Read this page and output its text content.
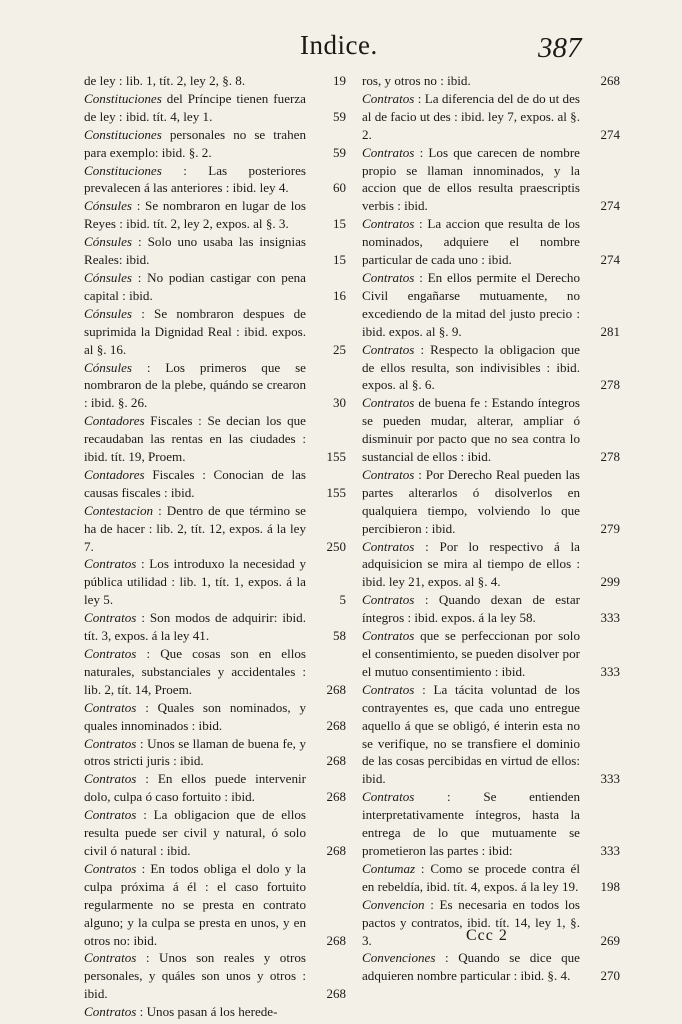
Indice.	387
de ley : lib. 1, tít. 2, ley 2, §. 8.	19
Constituciones del Príncipe tienen fuerza de ley : ibid. tít. 4, ley 1.	59
Constituciones personales no se trahen para exemplo: ibid. §. 2.	59
Constituciones : Las posteriores prevalecen á las anteriores : ibid. ley 4.	60
Cónsules : Se nombraron en lugar de los Reyes : ibid. tít. 2, ley 2, expos. al §. 3.	15
Cónsules : Solo uno usaba las insignias Reales: ibid.	15
Cónsules : No podian castigar con pena capital : ibid.	16
Cónsules : Se nombraron despues de suprimida la Dignidad Real : ibid. expos. al §. 16.	25
Cónsules : Los primeros que se nombraron de la plebe, quándo se crearon : ibid. §. 26.	30
Contadores Fiscales : Se decian los que recaudaban las rentas en las ciudades : ibid. tít. 19, Proem.	155
Contadores Fiscales : Conocian de las causas fiscales : ibid.	155
Contestacion : Dentro de que término se ha de hacer : lib. 2, tít. 12, expos. á la ley 7.	250
Contratos : Los introduxo la necesidad y pública utilidad : lib. 1, tít. 1, expos. á la ley 5.	5
Contratos : Son modos de adquirir: ibid. tít. 3, expos. á la ley 41.	58
Contratos : Que cosas son en ellos naturales, substanciales y accidentales : lib. 2, tít. 14, Proem.	268
Contratos : Quales son nominados, y quales innominados : ibid.	268
Contratos : Unos se llaman de buena fe, y otros stricti juris : ibid.	268
Contratos : En ellos puede intervenir dolo, culpa ó caso fortuito : ibid.	268
Contratos : La obligacion que de ellos resulta puede ser civil y natural, ó solo civil ó natural : ibid.	268
Contratos : En todos obliga el dolo y la culpa próxima á él : el caso fortuito regularmente no se presta en contrato alguno; y la culpa se presta en unos, y en otros no: ibid.	268
Contratos : Unos son reales y otros personales, y quáles son unos y otros : ibid.	268
Contratos : Unos pasan á los herede-
ros, y otros no : ibid.	268
Contratos : La diferencia del de do ut des al de facio ut des : ibid. ley 7, expos. al §. 2.	274
Contratos : Los que carecen de nombre propio se llaman innominados, y la accion que de ellos resulta praescriptis verbis : ibid.	274
Contratos : La accion que resulta de los nominados, adquiere el nombre particular de cada uno : ibid.	274
Contratos : En ellos permite el Derecho Civil engañarse mutuamente, no excediendo de la mitad del justo precio : ibid. expos. al §. 9.	281
Contratos : Respecto la obligacion que de ellos resulta, son indivisibles : ibid. expos. al §. 6.	278
Contratos de buena fe : Estando íntegros se pueden mudar, alterar, ampliar ó disminuir por pacto que no sea contra lo sustancial de ellos : ibid.	278
Contratos : Por Derecho Real pueden las partes alterarlos ó disolverlos en qualquiera tiempo, volviendo lo que percibieron : ibid.	279
Contratos : Por lo respectivo á la adquisicion se mira al tiempo de ellos : ibid. ley 21, expos. al §. 4.	299
Contratos : Quando dexan de estar íntegros : ibid. expos. á la ley 58.	333
Contratos que se perfeccionan por solo el consentimiento, se pueden disolver por el mutuo consentimiento : ibid.	333
Contratos : La tácita voluntad de los contrayentes es, que cada uno entregue aquello á que se obligó, é interin esta no se verifique, no se transfiere el dominio de las cosas percibidas en virtud de ellos: ibid.	333
Contratos : Se entienden interpretativamente íntegros, hasta la entrega de lo que mutuamente se prometieron las partes : ibid:	333
Contumaz : Como se procede contra él en rebeldía, ibid. tít. 4, expos. á la ley 19.	198
Convencion : Es necesaria en todos los pactos y contratos, ibid. tít. 14, ley 1, §. 3.	269
Convenciones : Quando se dice que adquieren nombre particular : ibid. §. 4.	270
Ccc 2
